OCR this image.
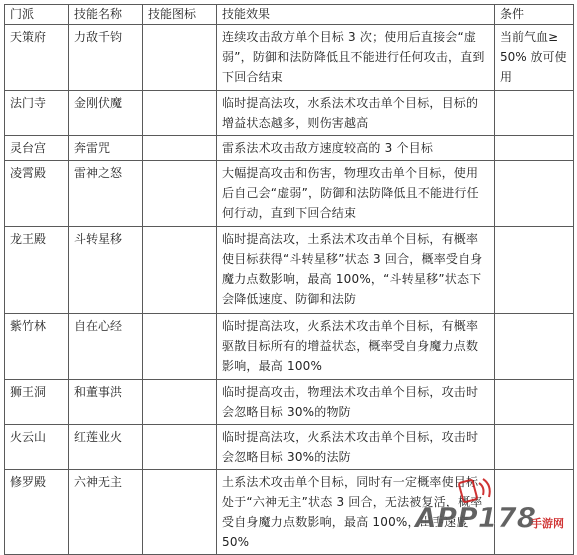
门派	技能名称	技能图标	技能效果	条件
天策府	力敌千钧		连续攻击敌方单个目标 3 次；使用后直接会“虚弱”，防御和法防降低且不能进行任何攻击，直到下回合结束	当前气血≥ 50% 放可使用
法门寺	金刚伏魔		临时提高法攻，水系法术攻击单个目标，目标的增益状态越多，则伤害越高	
灵台宫	奔雷咒		雷系法术攻击敌方速度较高的 3 个目标	
凌霄殿	雷神之怒		大幅提高攻击和伤害，物理攻击单个目标，使用后自己会“虚弱”，防御和法防降低且不能进行任何行动，直到下回合结束	
龙王殿	斗转星移		临时提高法攻，土系法术攻击单个目标，有概率使目标获得“斗转星移”状态 3 回合，概率受自身魔力点数影响，最高 100%，“斗转星移”状态下会降低速度、防御和法防	
紫竹林	自在心经		临时提高法攻，火系法术攻击单个目标，有概率驱散目标所有的增益状态，概率受自身魔力点数影响，最高 100%	
狮王洞	和董事洪		临时提高攻击，物理法术攻击单个目标，攻击时会忽略目标 30%的物防	
火云山	红莲业火		临时提高法攻，火系法术攻击单个目标，攻击时会忽略目标 30%的法防	
修罗殿	六神无主		土系法术攻击单个目标，同时有一定概率使目标处于“六神无主”状态 3 回合，无法被复活，概率受自身魔力点数影响，最高 100%，出手速度 50%	
APP178
手游网
